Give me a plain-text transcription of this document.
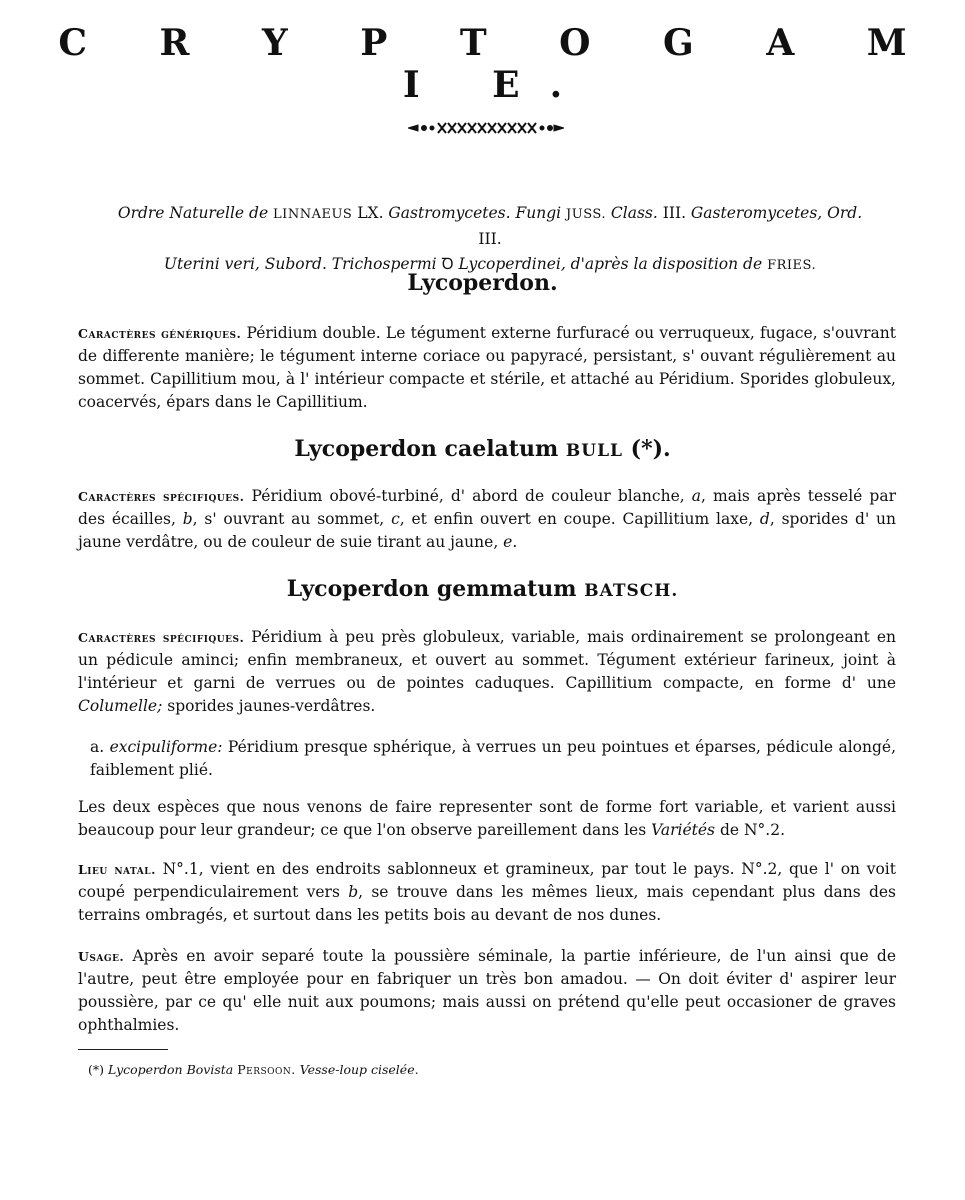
C R Y P T O G A M I E.
Ordre Naturelle de LINNAEUS LX. Gastromycetes. Fungi JUSS. Class. III. Gasteromycetes, Ord. III.
Uterini veri, Subord. Trichospermi Ꝺ Lycoperdinei, d'après la disposition de FRIES.
Lycoperdon.
Caractères génériques. Péridium double. Le tégument externe furfuracé ou verruqueux, fugace, s'ouvrant de differente manière; le tégument interne coriace ou papyracé, persistant, s' ouvant régulièrement au sommet. Capillitium mou, à l' intérieur compacte et stérile, et attaché au Péridium. Sporides globuleux, coacervés, épars dans le Capillitium.
Lycoperdon caelatum BULL (*).
Caractères spécifiques. Péridium obové-turbiné, d' abord de couleur blanche, a, mais après tesselé par des écailles, b, s' ouvrant au sommet, c, et enfin ouvert en coupe. Capillitium laxe, d, sporides d' un jaune verdâtre, ou de couleur de suie tirant au jaune, e.
Lycoperdon gemmatum BATSCH.
Caractères spécifiques. Péridium à peu près globuleux, variable, mais ordinairement se prolongeant en un pédicule aminci; enfin membraneux, et ouvert au sommet. Tégument extérieur farineux, joint à l'intérieur et garni de verrues ou de pointes caduques. Capillitium compacte, en forme d' une Columelle; sporides jaunes-verdâtres.
a. excipuliforme: Péridium presque sphérique, à verrues un peu pointues et éparses, pédicule alongé, faiblement plié.
Les deux espèces que nous venons de faire representer sont de forme fort variable, et varient aussi beaucoup pour leur grandeur; ce que l'on observe pareillement dans les Variétés de N°.2.
Lieu natal. N°.1, vient en des endroits sablonneux et gramineux, par tout le pays. N°.2, que l' on voit coupé perpendiculairement vers b, se trouve dans les mêmes lieux, mais cependant plus dans des terrains ombragés, et surtout dans les petits bois au devant de nos dunes.
Usage. Après en avoir separé toute la poussière séminale, la partie inférieure, de l'un ainsi que de l'autre, peut être employée pour en fabriquer un très bon amadou. — On doit éviter d' aspirer leur poussière, par ce qu' elle nuit aux poumons; mais aussi on prétend qu'elle peut occasioner de graves ophthalmies.
(*) Lycoperdon Bovista Persoon. Vesse-loup ciselée.
